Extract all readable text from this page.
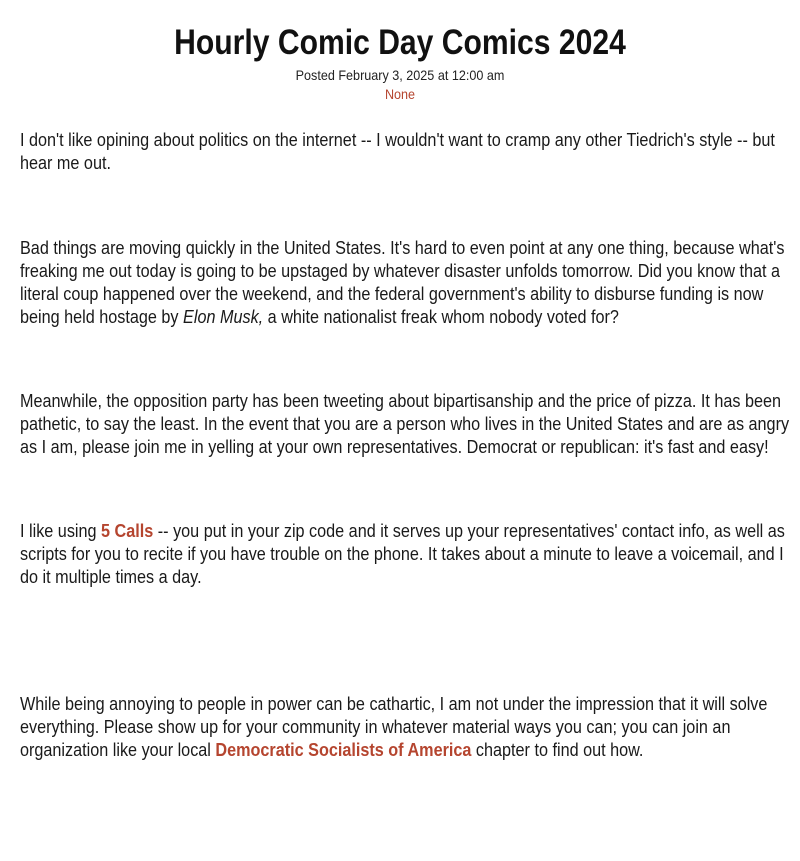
Hourly Comic Day Comics 2024
Posted February 3, 2025 at 12:00 am
None

I don't like opining about politics on the internet -- I wouldn't want to cramp any other Tiedrich's style -- but hear me out.

Bad things are moving quickly in the United States. It's hard to even point at any one thing, because what's freaking me out today is going to be upstaged by whatever disaster unfolds tomorrow. Did you know that a literal coup happened over the weekend, and the federal government's ability to disburse funding is now being held hostage by Elon Musk, a white nationalist freak whom nobody voted for?

Meanwhile, the opposition party has been tweeting about bipartisanship and the price of pizza. It has been pathetic, to say the least. In the event that you are a person who lives in the United States and are as angry as I am, please join me in yelling at your own representatives. Democrat or republican: it's fast and easy!

I like using 5 Calls -- you put in your zip code and it serves up your representatives' contact info, as well as scripts for you to recite if you have trouble on the phone. It takes about a minute to leave a voicemail, and I do it multiple times a day.

While being annoying to people in power can be cathartic, I am not under the impression that it will solve everything. Please show up for your community in whatever material ways you can; you can join an organization like your local Democratic Socialists of America chapter to find out how.
